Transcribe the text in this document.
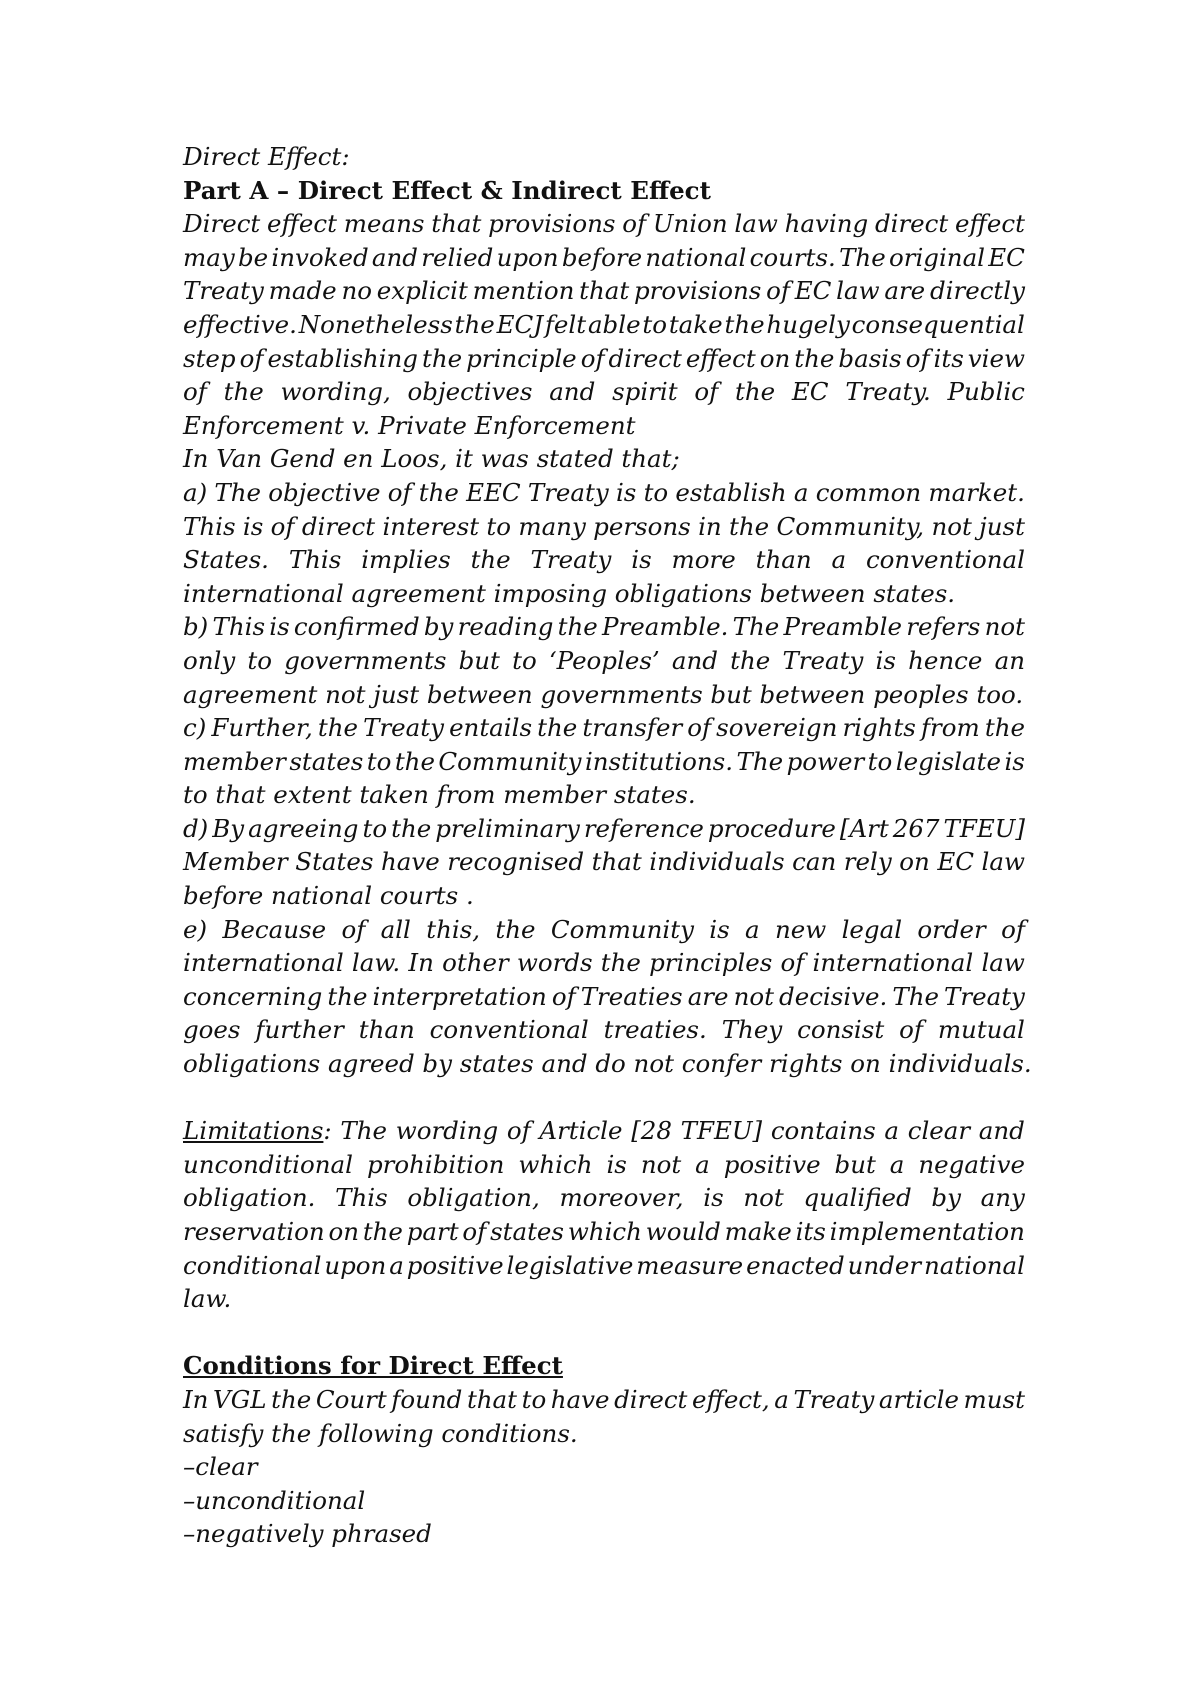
Direct Effect:
Part A – Direct Effect & Indirect Effect
Direct effect means that provisions of Union law having direct effect
may be invoked and relied upon before national courts. The original EC
Treaty made no explicit mention that provisions of EC law are directly
effective. Nonetheless the ECJ felt able to take the hugely consequential
step of establishing the principle of direct effect on the basis of its view
of the wording, objectives and spirit of the EC Treaty. Public
Enforcement v. Private Enforcement
In Van Gend en Loos, it was stated that;
a) The objective of the EEC Treaty is to establish a common market.
This is of direct interest to many persons in the Community, not just
States. This implies the Treaty is more than a conventional
international agreement imposing obligations between states.
b) This is confirmed by reading the Preamble. The Preamble refers not
only to governments but to ‘Peoples’ and the Treaty is hence an
agreement not just between governments but between peoples too.
c) Further, the Treaty entails the transfer of sovereign rights from the
member states to the Community institutions. The power to legislate is
to that extent taken from member states.
d) By agreeing to the preliminary reference procedure [Art 267 TFEU]
Member States have recognised that individuals can rely on EC law
before national courts .
e) Because of all this, the Community is a new legal order of
international law. In other words the principles of international law
concerning the interpretation of Treaties are not decisive. The Treaty
goes further than conventional treaties. They consist of mutual
obligations agreed by states and do not confer rights on individuals.
Limitations: The wording of Article [28 TFEU] contains a clear and
unconditional prohibition which is not a positive but a negative
obligation. This obligation, moreover, is not qualified by any
reservation on the part of states which would make its implementation
conditional upon a positive legislative measure enacted under national
law.
Conditions for Direct Effect
In VGL the Court found that to have direct effect, a Treaty article must
satisfy the following conditions.
–clear
–unconditional
–negatively phrased
